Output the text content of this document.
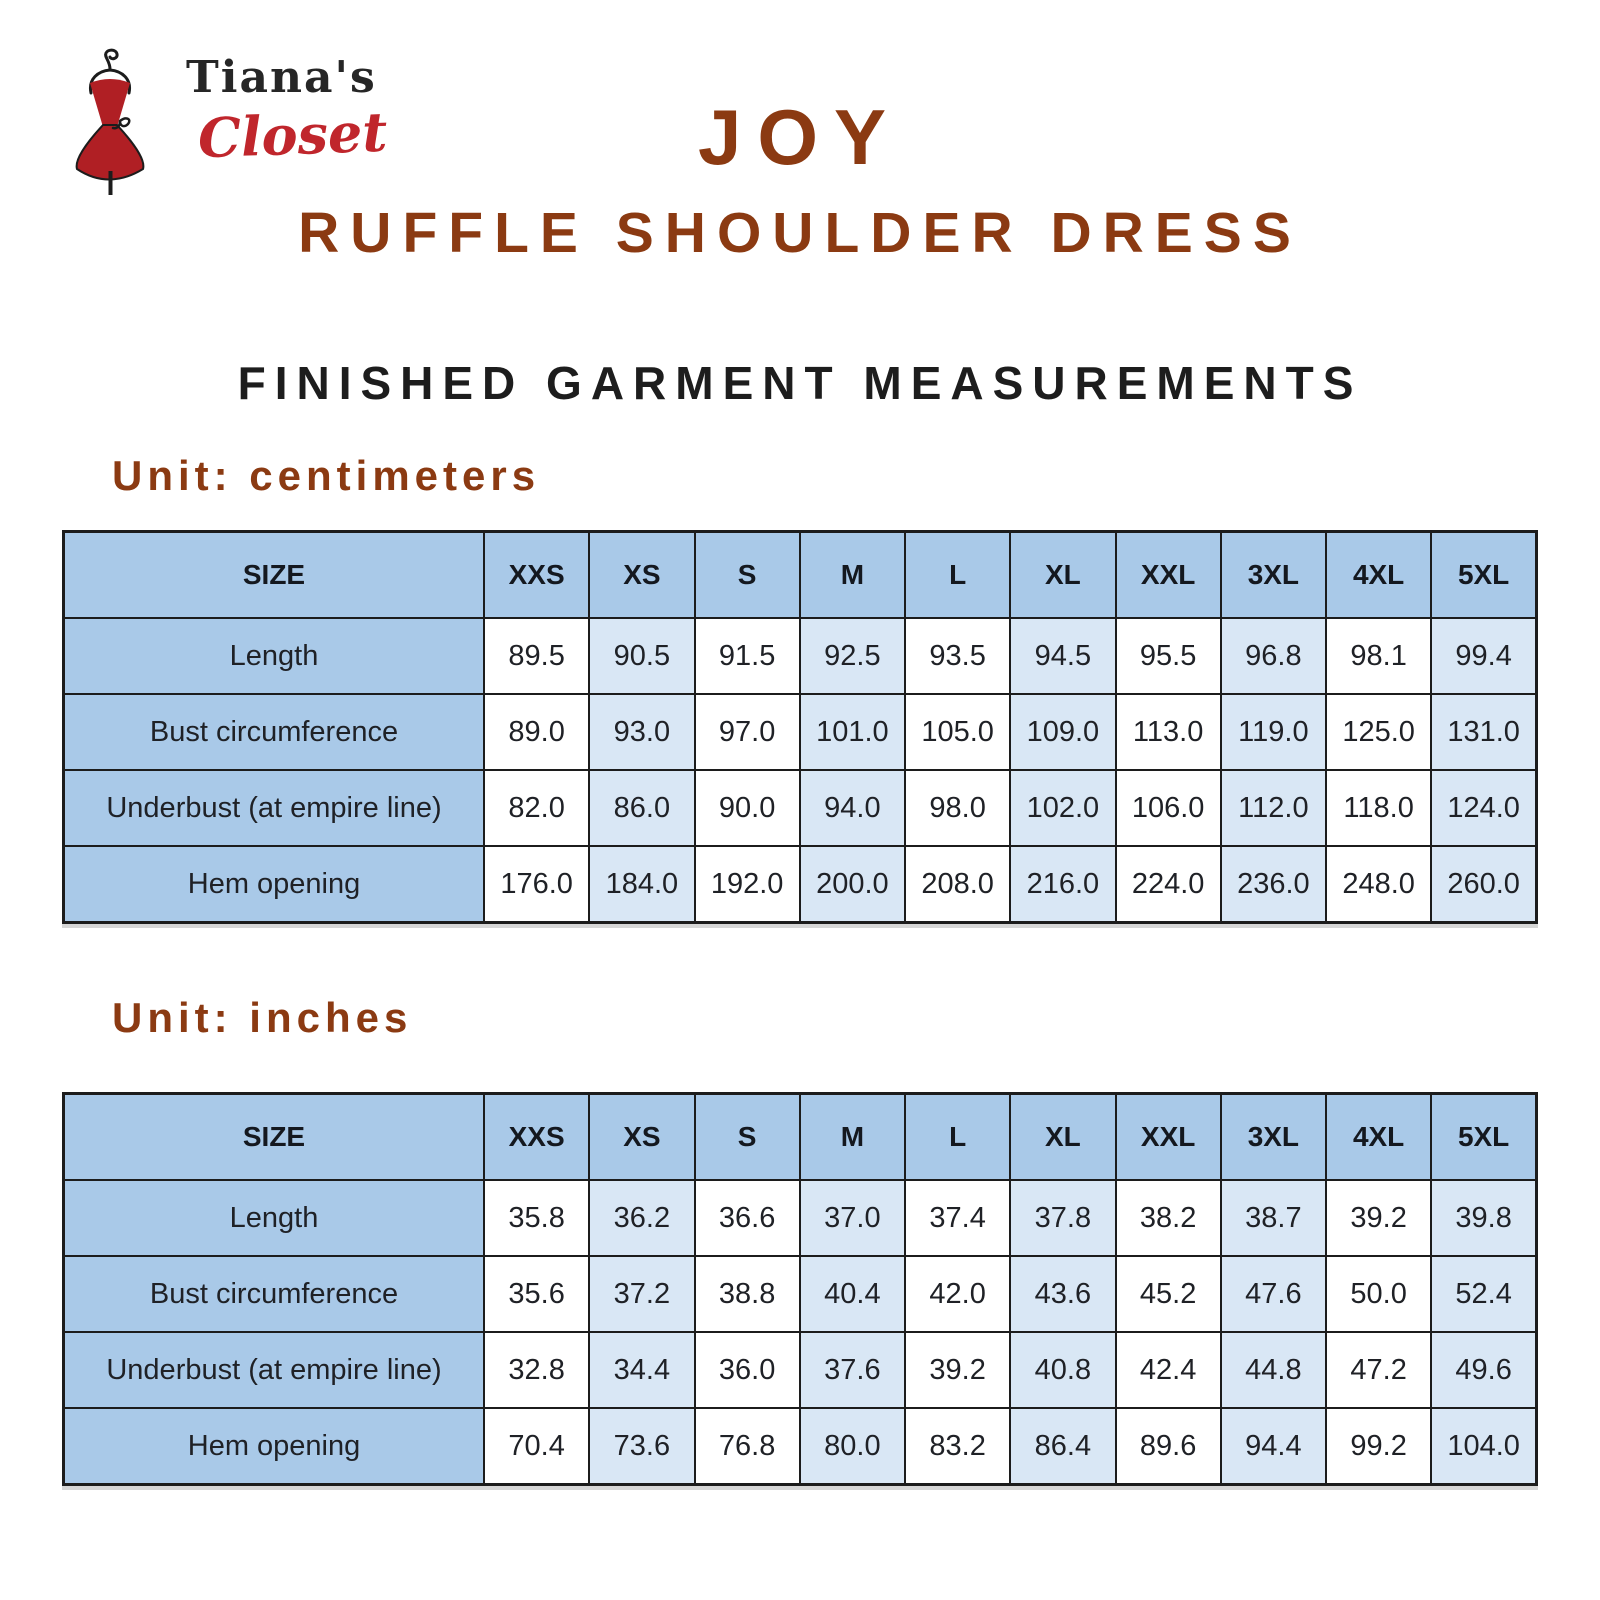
Tiana's
Closet	JOY
RUFFLE SHOULDER DRESS
FINISHED GARMENT MEASUREMENTS
Unit: centimeters
Unit: inches
SIZE	XXS	XS	S	M	L	XL	XXL	3XL	4XL	5XL
Length	89.5	90.5	91.5	92.5	93.5	94.5	95.5	96.8	98.1	99.4
Bust circumference	89.0	93.0	97.0	101.0	105.0	109.0	113.0	119.0	125.0	131.0
Underbust (at empire line)	82.0	86.0	90.0	94.0	98.0	102.0	106.0	112.0	118.0	124.0
Hem opening	176.0	184.0	192.0	200.0	208.0	216.0	224.0	236.0	248.0	260.0
SIZE	XXS	XS	S	M	L	XL	XXL	3XL	4XL	5XL
Length	35.8	36.2	36.6	37.0	37.4	37.8	38.2	38.7	39.2	39.8
Bust circumference	35.6	37.2	38.8	40.4	42.0	43.6	45.2	47.6	50.0	52.4
Underbust (at empire line)	32.8	34.4	36.0	37.6	39.2	40.8	42.4	44.8	47.2	49.6
Hem opening	70.4	73.6	76.8	80.0	83.2	86.4	89.6	94.4	99.2	104.0
